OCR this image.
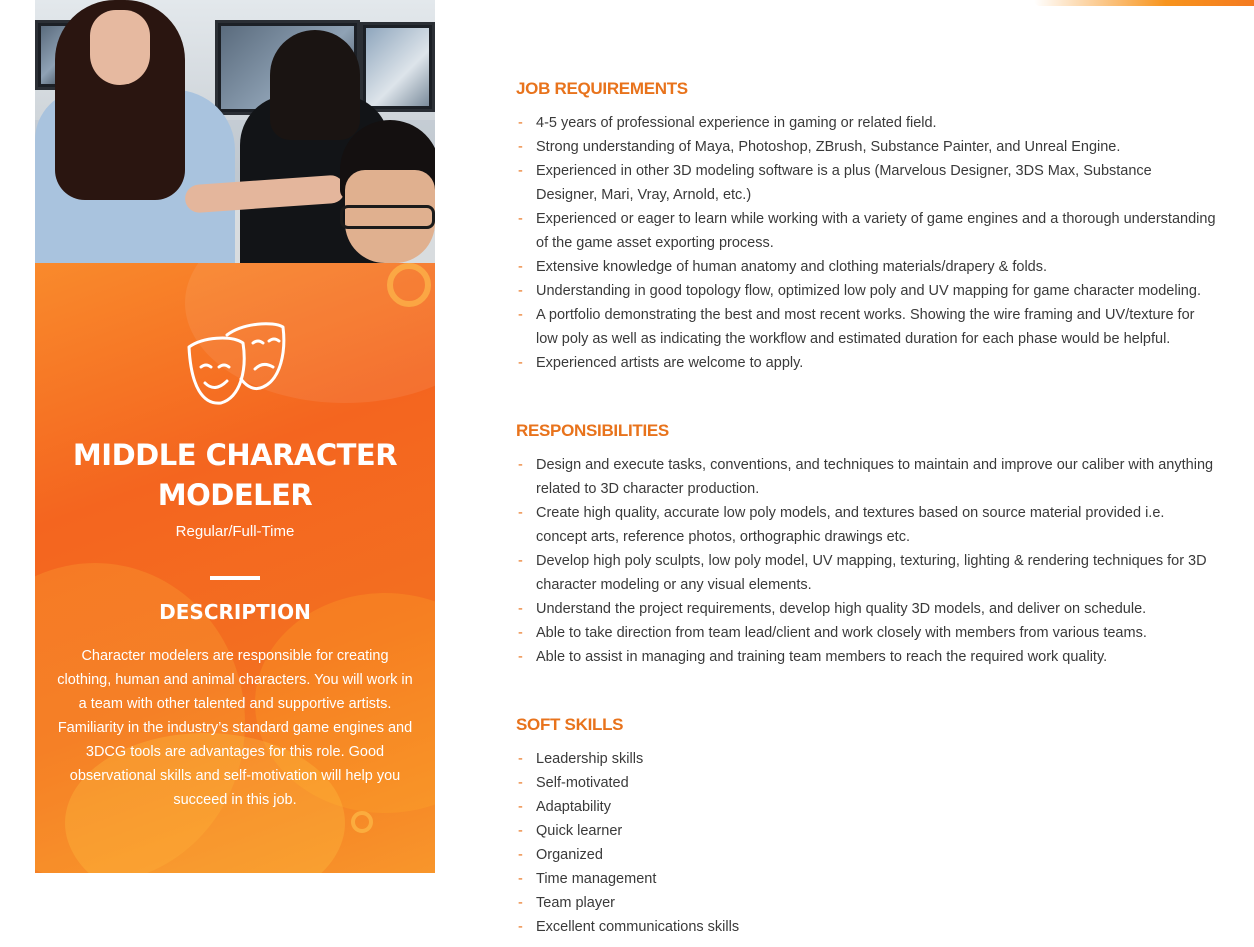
MIDDLE CHARACTER
MODELER
Regular/Full-Time
DESCRIPTION

Character modelers are responsible for creating clothing, human and animal characters. You will work in a team with other talented and supportive artists. Familiarity in the industry’s standard game engines and 3DCG tools are advantages for this role. Good observational skills and self-motivation will help you succeed in this job.

JOB REQUIREMENTS
- 4-5 years of professional experience in gaming or related field.
- Strong understanding of Maya, Photoshop, ZBrush, Substance Painter, and Unreal Engine.
- Experienced in other 3D modeling software is a plus (Marvelous Designer, 3DS Max, Substance Designer, Mari, Vray, Arnold, etc.)
- Experienced or eager to learn while working with a variety of game engines and a thorough understanding of the game asset exporting process.
- Extensive knowledge of human anatomy and clothing materials/drapery & folds.
- Understanding in good topology flow, optimized low poly and UV mapping for game character modeling.
- A portfolio demonstrating the best and most recent works. Showing the wire framing and UV/texture for low poly as well as indicating the workflow and estimated duration for each phase would be helpful.
- Experienced artists are welcome to apply.
RESPONSIBILITIES
- Design and execute tasks, conventions, and techniques to maintain and improve our caliber with anything related to 3D character production.
- Create high quality, accurate low poly models, and textures based on source material provided i.e. concept arts, reference photos, orthographic drawings etc.
- Develop high poly sculpts, low poly model, UV mapping, texturing, lighting & rendering techniques for 3D character modeling or any visual elements.
- Understand the project requirements, develop high quality 3D models, and deliver on schedule.
- Able to take direction from team lead/client and work closely with members from various teams.
- Able to assist in managing and training team members to reach the required work quality.
SOFT SKILLS
- Leadership skills
- Self-motivated
- Adaptability
- Quick learner
- Organized
- Time management
- Team player
- Excellent communications skills
